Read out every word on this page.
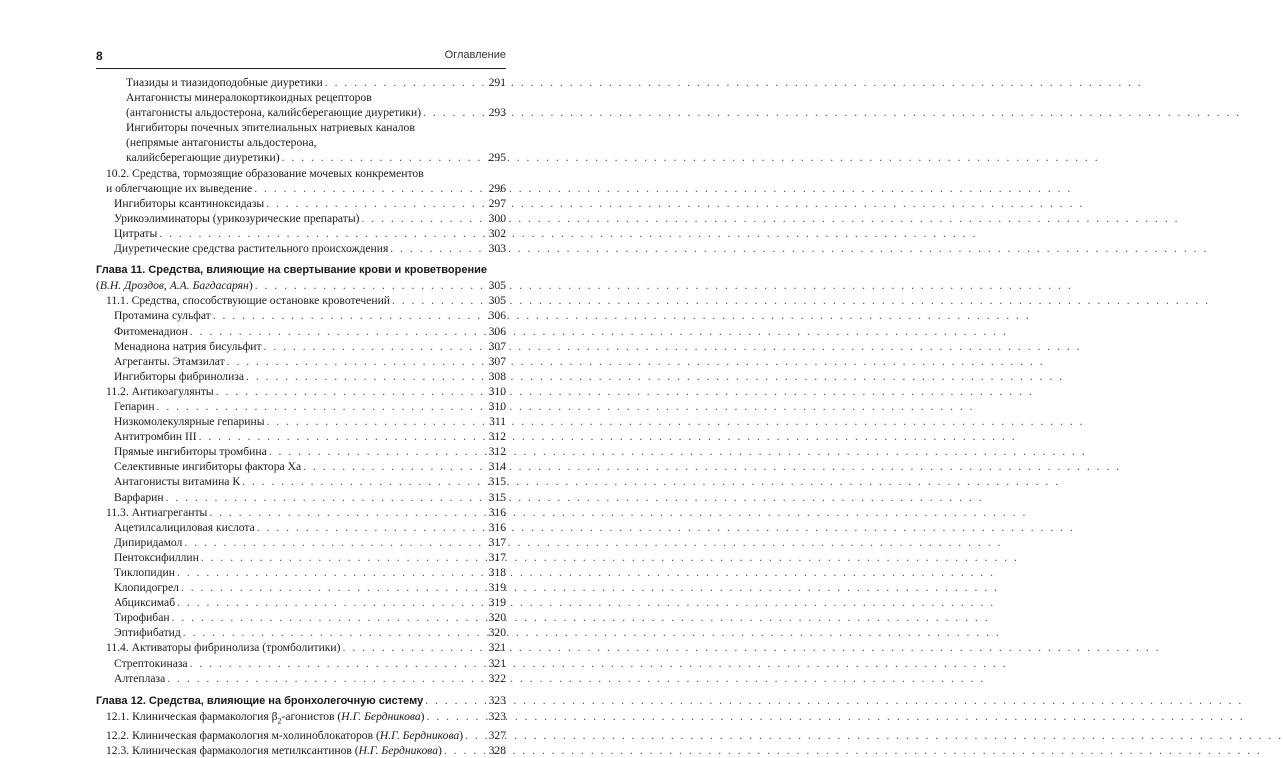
8	Оглавление
Тиазиды и тиазидоподобные диуретики . . .	291
Антагонисты минералокортикоидных рецепторов
(антагонисты альдостерона, калийсберегающие диуретики) . . .	293
Ингибиторы почечных эпителиальных натриевых каналов
(непрямые антагонисты альдостерона,
калийсберегающие диуретики) . . .	295
10.2. Средства, тормозящие образование мочевых конкрементов
и облегчающие их выведение . . .	296
Ингибиторы ксантиноксидазы . . .	297
Урикоэлиминаторы (урикозурические препараты) . . .	300
Цитраты . . .	302
Диуретические средства растительного происхождения . . .	303
Глава 11. Средства, влияющие на свертывание крови и кроветворение
(В.Н. Дроздов, А.А. Багдасарян) . . .	305
11.1. Средства, способствующие остановке кровотечений . . .	305
Протамина сульфат . . .	306
Фитоменадион . . .	306
Менадиона натрия бисульфит . . .	307
Агреганты. Этамзилат . . .	307
Ингибиторы фибринолиза . . .	308
11.2. Антикоагулянты . . .	310
Гепарин . . .	310
Низкомолекулярные гепарины . . .	311
Антитромбин III . . .	312
Прямые ингибиторы тромбина . . .	312
Селективные ингибиторы фактора Ха . . .	314
Антагонисты витамина К . . .	315
Варфарин . . .	315
11.3. Антиагреганты . . .	316
Ацетилсалициловая кислота . . .	316
Дипиридамол . . .	317
Пентоксифиллин . . .	317
Тиклопидин . . .	318
Клопидогрел . . .	319
Абциксимаб . . .	319
Тирофибан . . .	320
Эптифибатид . . .	320
11.4. Активаторы фибринолиза (тромболитики) . . .	321
Стрептокиназа . . .	321
Алтеплаза . . .	322
Глава 12. Средства, влияющие на бронхолегочную систему . . .	323
12.1. Клиническая фармакология $\beta_2$-агонистов (Н.Г. Бердникова) . . .	323
12.2. Клиническая фармакология м-холиноблокаторов (Н.Г. Бердникова) . . .	327
12.3. Клиническая фармакология метилксантинов (Н.Г. Бердникова) . . .	328
